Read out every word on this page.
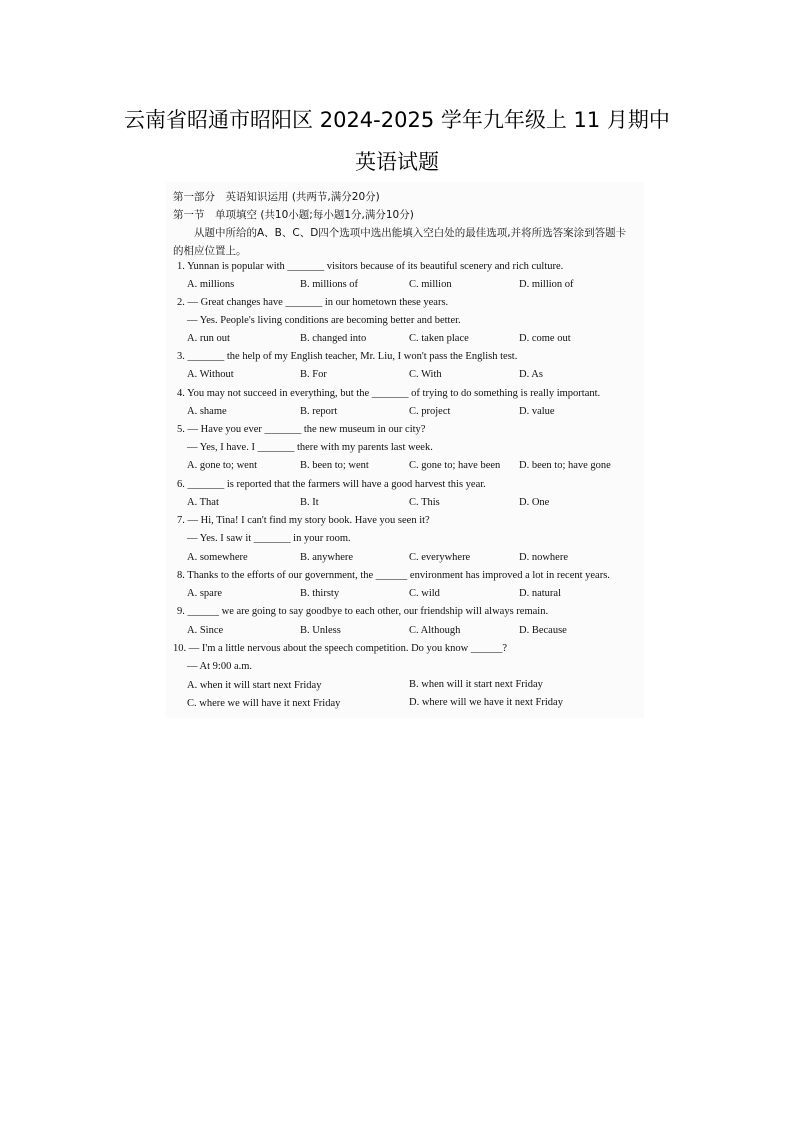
云南省昭通市昭阳区 2024-2025 学年九年级上 11 月期中
英语试题
第一部分　英语知识运用 (共两节,满分20分)
第一节　单项填空 (共10小题;每小题1分,满分10分)
从题中所给的A、B、C、D四个选项中选出能填入空白处的最佳选项,并将所选答案涂到答题卡
的相应位置上。
1. Yunnan is popular with _______ visitors because of its beautiful scenery and rich culture.
A. millions	B. millions of	C. million	D. million of
2. — Great changes have _______ in our hometown these years.
— Yes. People's living conditions are becoming better and better.
A. run out	B. changed into	C. taken place	D. come out
3. _______ the help of my English teacher, Mr. Liu, I won't pass the English test.
A. Without	B. For	C. With	D. As
4. You may not succeed in everything, but the _______ of trying to do something is really important.
A. shame	B. report	C. project	D. value
5. — Have you ever _______ the new museum in our city?
— Yes, I have. I _______ there with my parents last week.
A. gone to; went	B. been to; went	C. gone to; have been D. been to; have gone
6. _______ is reported that the farmers will have a good harvest this year.
A. That	B. It	C. This	D. One
7. — Hi, Tina! I can't find my story book. Have you seen it?
— Yes. I saw it _______ in your room.
A. somewhere	B. anywhere	C. everywhere	D. nowhere
8. Thanks to the efforts of our government, the ______ environment has improved a lot in recent years.
A. spare	B. thirsty	C. wild	D. natural
9. ______ we are going to say goodbye to each other, our friendship will always remain.
A. Since	B. Unless	C. Although	D. Because
10. — I'm a little nervous about the speech competition. Do you know ______?
— At 9:00 a.m.
A. when it will start next Friday	B. when will it start next Friday
C. where we will have it next Friday	D. where will we have it next Friday
